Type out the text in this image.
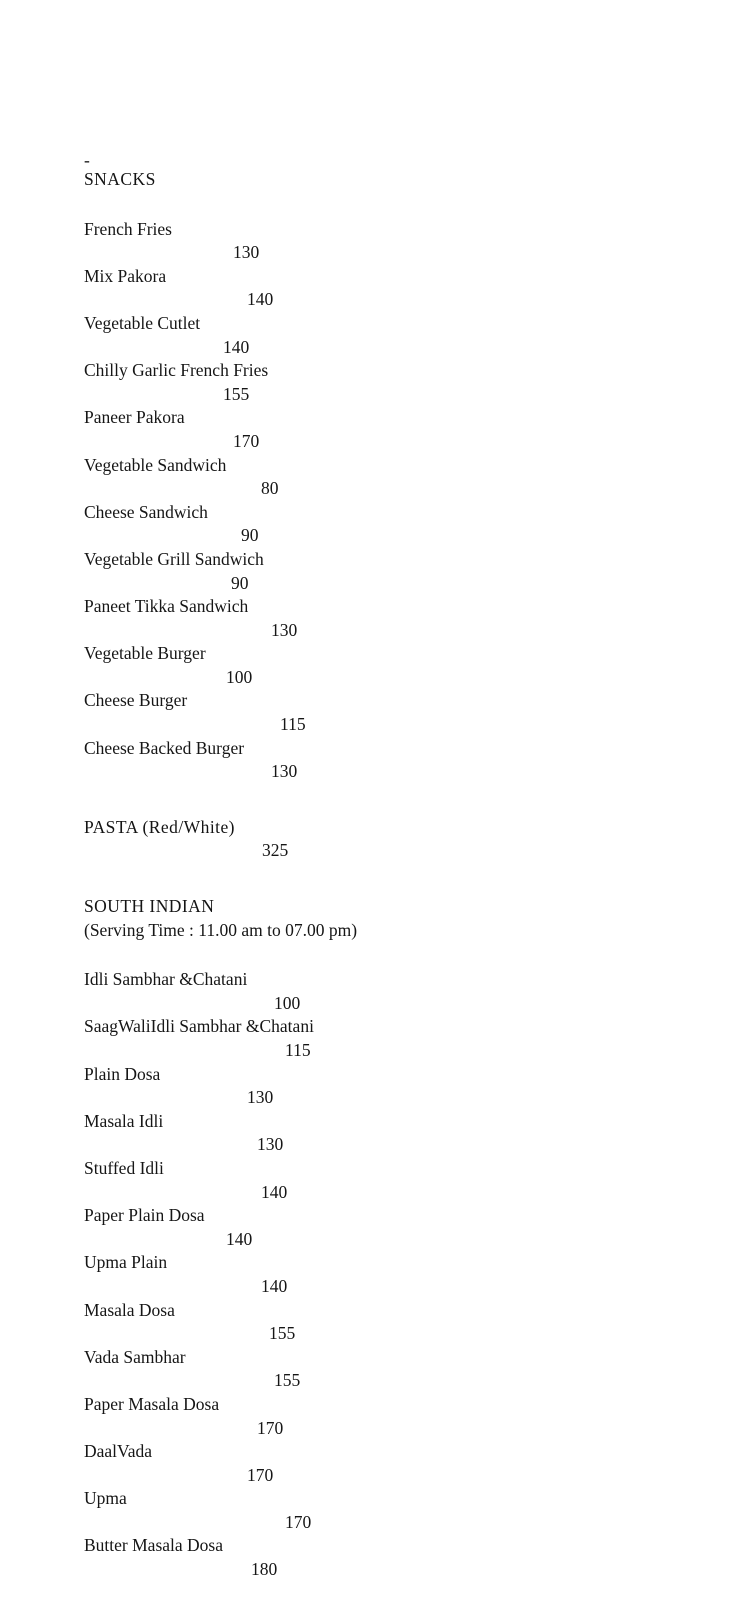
-
SNACKS
French Fries
130
Mix Pakora
140
Vegetable Cutlet
140
Chilly Garlic French Fries
155
Paneer Pakora
170
Vegetable Sandwich
80
Cheese Sandwich
90
Vegetable Grill Sandwich
90
Paneet Tikka Sandwich
130
Vegetable Burger
100
Cheese Burger
115
Cheese Backed Burger
130
PASTA (Red/White)
325
SOUTH INDIAN
(Serving Time : 11.00 am to 07.00 pm)
Idli Sambhar &Chatani
100
SaagWaliIdli Sambhar &Chatani
115
Plain Dosa
130
Masala Idli
130
Stuffed Idli
140
Paper Plain Dosa
140
Upma Plain
140
Masala Dosa
155
Vada Sambhar
155
Paper Masala Dosa
170
DaalVada
170
Upma
170
Butter Masala Dosa
180
